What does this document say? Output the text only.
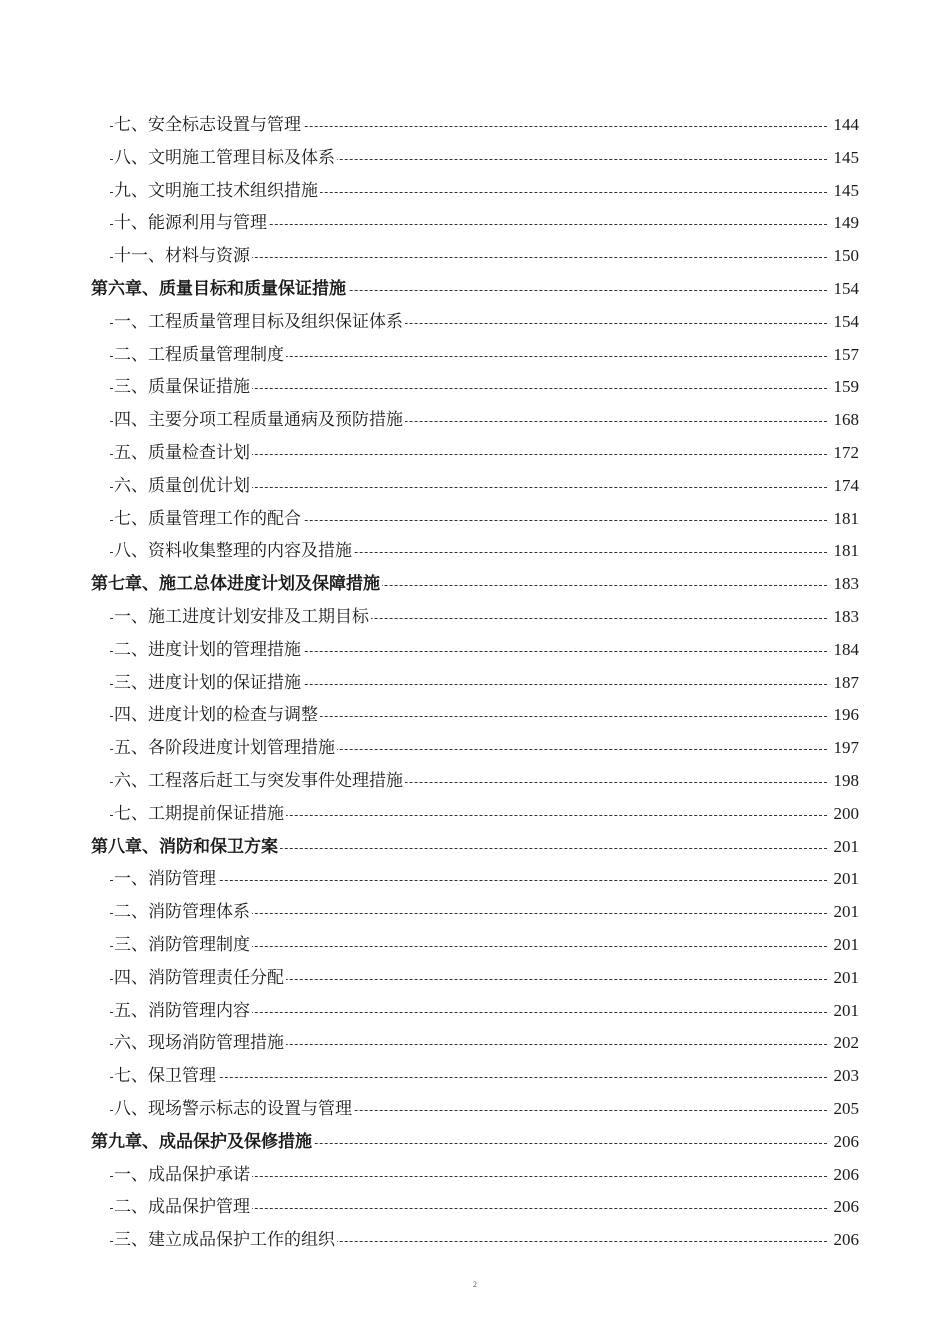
七、安全标志设置与管理	144
八、文明施工管理目标及体系	145
九、文明施工技术组织措施	145
十、能源利用与管理	149
十一、材料与资源	150
第六章、质量目标和质量保证措施	154
一、工程质量管理目标及组织保证体系	154
二、工程质量管理制度	157
三、质量保证措施	159
四、主要分项工程质量通病及预防措施	168
五、质量检查计划	172
六、质量创优计划	174
七、质量管理工作的配合	181
八、资料收集整理的内容及措施	181
第七章、施工总体进度计划及保障措施	183
一、施工进度计划安排及工期目标	183
二、进度计划的管理措施	184
三、进度计划的保证措施	187
四、进度计划的检查与调整	196
五、各阶段进度计划管理措施	197
六、工程落后赶工与突发事件处理措施	198
七、工期提前保证措施	200
第八章、消防和保卫方案	201
一、消防管理	201
二、消防管理体系	201
三、消防管理制度	201
四、消防管理责任分配	201
五、消防管理内容	201
六、现场消防管理措施	202
七、保卫管理	203
八、现场警示标志的设置与管理	205
第九章、成品保护及保修措施	206
一、成品保护承诺	206
二、成品保护管理	206
三、建立成品保护工作的组织	206
2
